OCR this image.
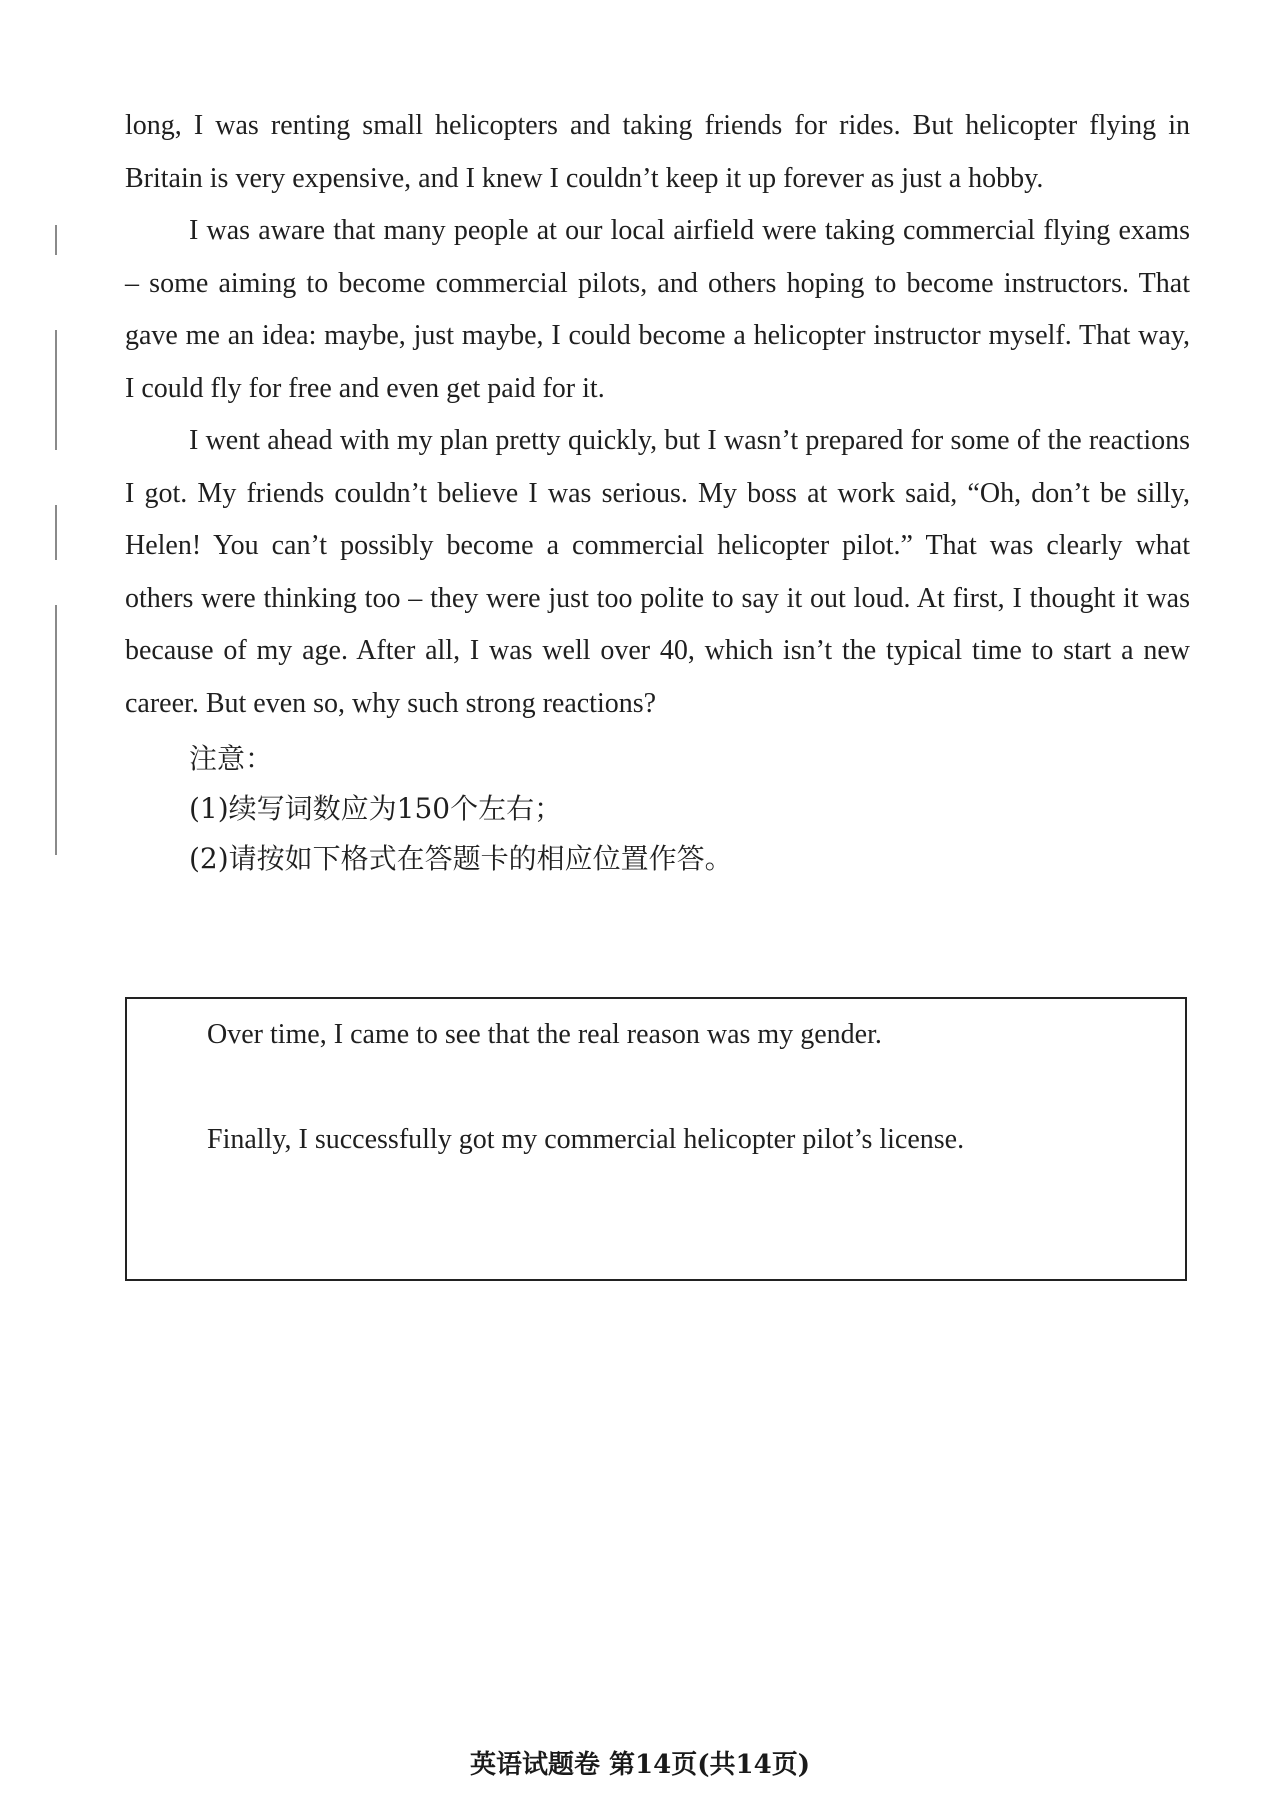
long, I was renting small helicopters and taking friends for rides. But helicopter flying in Britain is very expensive, and I knew I couldn’t keep it up forever as just a hobby.

I was aware that many people at our local airfield were taking commercial flying exams – some aiming to become commercial pilots, and others hoping to become instructors. That gave me an idea: maybe, just maybe, I could become a helicopter instructor myself. That way, I could fly for free and even get paid for it.

I went ahead with my plan pretty quickly, but I wasn’t prepared for some of the reactions I got. My friends couldn’t believe I was serious. My boss at work said, “Oh, don’t be silly, Helen! You can’t possibly become a commercial helicopter pilot.” That was clearly what others were thinking too – they were just too polite to say it out loud. At first, I thought it was because of my age. After all, I was well over 40, which isn’t the typical time to start a new career. But even so, why such strong reactions?

注意：

(1)续写词数应为150个左右；

(2)请按如下格式在答题卡的相应位置作答。

Over time, I came to see that the real reason was my gender.

Finally, I successfully got my commercial helicopter pilot’s license.

英语试题卷 第14页(共14页)
